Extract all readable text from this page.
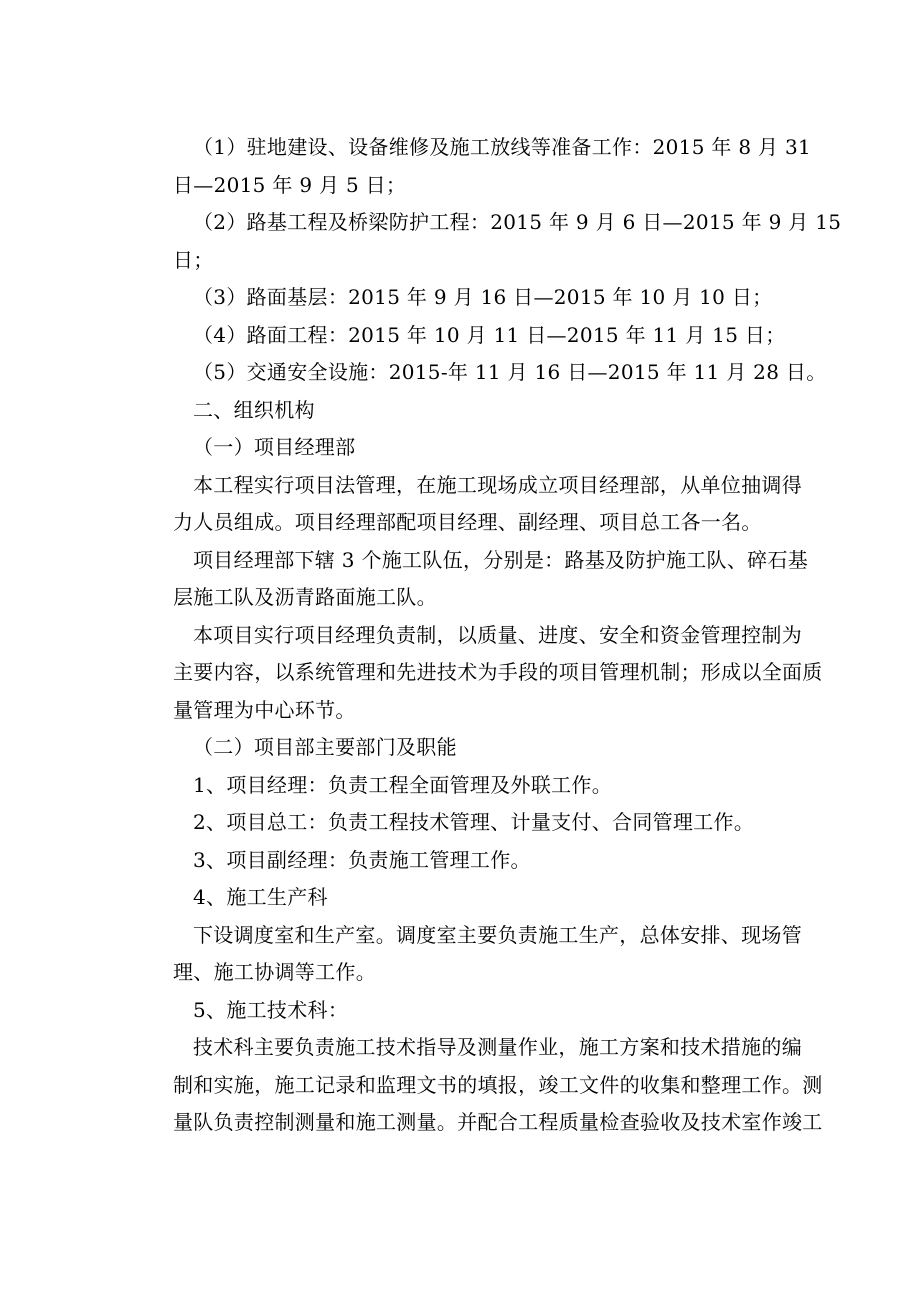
（1）驻地建设、设备维修及施工放线等准备工作：2015 年 8 月 31
日—2015 年 9 月 5 日；

（2）路基工程及桥梁防护工程：2015 年 9 月 6 日—2015 年 9 月 15
日；

（3）路面基层：2015 年 9 月 16 日—2015 年 10 月 10 日；

（4）路面工程：2015 年 10 月 11 日—2015 年 11 月 15 日；

（5）交通安全设施：2015-年 11 月 16 日—2015 年 11 月 28 日。

二、组织机构

（一）项目经理部

本工程实行项目法管理，在施工现场成立项目经理部，从单位抽调得
力人员组成。项目经理部配项目经理、副经理、项目总工各一名。

项目经理部下辖 3 个施工队伍，分别是：路基及防护施工队、碎石基
层施工队及沥青路面施工队。

本项目实行项目经理负责制，以质量、进度、安全和资金管理控制为
主要内容，以系统管理和先进技术为手段的项目管理机制；形成以全面质
量管理为中心环节。

（二）项目部主要部门及职能

1、项目经理：负责工程全面管理及外联工作。

2、项目总工：负责工程技术管理、计量支付、合同管理工作。

3、项目副经理：负责施工管理工作。

4、施工生产科

下设调度室和生产室。调度室主要负责施工生产，总体安排、现场管
理、施工协调等工作。

5、施工技术科：

技术科主要负责施工技术指导及测量作业，施工方案和技术措施的编
制和实施，施工记录和监理文书的填报，竣工文件的收集和整理工作。测
量队负责控制测量和施工测量。并配合工程质量检查验收及技术室作竣工
